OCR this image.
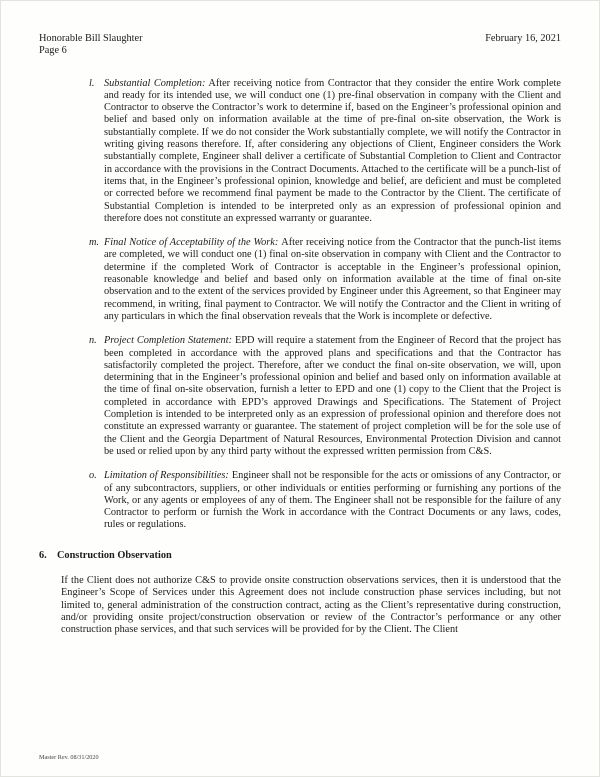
Honorable Bill Slaughter	February 16, 2021
Page 6
l. Substantial Completion: After receiving notice from Contractor that they consider the entire Work complete and ready for its intended use, we will conduct one (1) pre-final observation in company with the Client and Contractor to observe the Contractor’s work to determine if, based on the Engineer’s professional opinion and belief and based only on information available at the time of pre-final on-site observation, the Work is substantially complete. If we do not consider the Work substantially complete, we will notify the Contractor in writing giving reasons therefore. If, after considering any objections of Client, Engineer considers the Work substantially complete, Engineer shall deliver a certificate of Substantial Completion to Client and Contractor in accordance with the provisions in the Contract Documents. Attached to the certificate will be a punch-list of items that, in the Engineer’s professional opinion, knowledge and belief, are deficient and must be completed or corrected before we recommend final payment be made to the Contractor by the Client. The certificate of Substantial Completion is intended to be interpreted only as an expression of professional opinion and therefore does not constitute an expressed warranty or guarantee.
m. Final Notice of Acceptability of the Work: After receiving notice from the Contractor that the punch-list items are completed, we will conduct one (1) final on-site observation in company with Client and the Contractor to determine if the completed Work of Contractor is acceptable in the Engineer’s professional opinion, reasonable knowledge and belief and based only on information available at the time of final on-site observation and to the extent of the services provided by Engineer under this Agreement, so that Engineer may recommend, in writing, final payment to Contractor. We will notify the Contractor and the Client in writing of any particulars in which the final observation reveals that the Work is incomplete or defective.
n. Project Completion Statement: EPD will require a statement from the Engineer of Record that the project has been completed in accordance with the approved plans and specifications and that the Contractor has satisfactorily completed the project. Therefore, after we conduct the final on-site observation, we will, upon determining that in the Engineer’s professional opinion and belief and based only on information available at the time of final on-site observation, furnish a letter to EPD and one (1) copy to the Client that the Project is completed in accordance with EPD’s approved Drawings and Specifications. The Statement of Project Completion is intended to be interpreted only as an expression of professional opinion and therefore does not constitute an expressed warranty or guarantee. The statement of project completion will be for the sole use of the Client and the Georgia Department of Natural Resources, Environmental Protection Division and cannot be used or relied upon by any third party without the expressed written permission from C&S.
o. Limitation of Responsibilities: Engineer shall not be responsible for the acts or omissions of any Contractor, or of any subcontractors, suppliers, or other individuals or entities performing or furnishing any portions of the Work, or any agents or employees of any of them. The Engineer shall not be responsible for the failure of any Contractor to perform or furnish the Work in accordance with the Contract Documents or any laws, codes, rules or regulations.
6. Construction Observation
If the Client does not authorize C&S to provide onsite construction observations services, then it is understood that the Engineer’s Scope of Services under this Agreement does not include construction phase services including, but not limited to, general administration of the construction contract, acting as the Client’s representative during construction, and/or providing onsite project/construction observation or review of the Contractor’s performance or any other construction phase services, and that such services will be provided for by the Client. The Client
Master Rev. 08/31/2020
